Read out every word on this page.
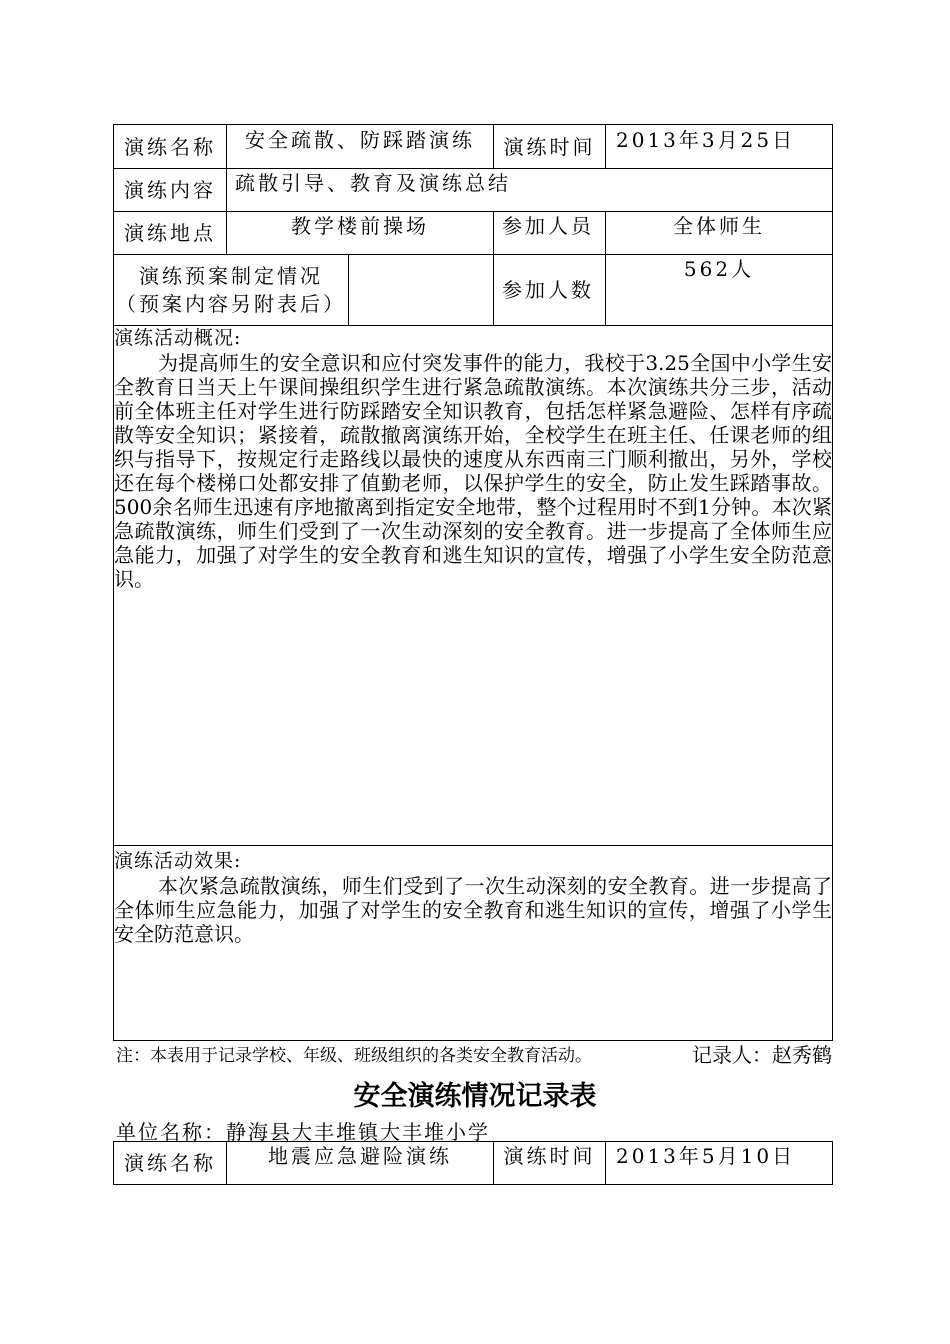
演练名称	安全疏散、防踩踏演练		演练时间	2013年3月25日
演练内容	疏散引导、教育及演练总结			
演练地点	教学楼前操场		参加人员	全体师生

演练预案制定情况
（预案内容另附表后）			参加人数	562人

演练活动概况:

为提高师生的安全意识和应付突发事件的能力，我校于3.25全国中小学生安全教育日当天上午课间操组织学生进行紧急疏散演练。本次演练共分三步，活动前全体班主任对学生进行防踩踏安全知识教育，包括怎样紧急避险、怎样有序疏散等安全知识；紧接着，疏散撤离演练开始，全校学生在班主任、任课老师的组织与指导下，按规定行走路线以最快的速度从东西南三门顺利撤出，另外，学校还在每个楼梯口处都安排了值勤老师，以保护学生的安全，防止发生踩踏事故。500余名师生迅速有序地撤离到指定安全地带，整个过程用时不到1分钟。本次紧急疏散演练，师生们受到了一次生动深刻的安全教育。进一步提高了全体师生应急能力，加强了对学生的安全教育和逃生知识的宣传，增强了小学生安全防范意识。				

演练活动效果:

本次紧急疏散演练，师生们受到了一次生动深刻的安全教育。进一步提高了全体师生应急能力，加强了对学生的安全教育和逃生知识的宣传，增强了小学生安全防范意识。				

注：本表用于记录学校、年级、班级组织的各类安全教育活动。	记录人：赵秀鹤
安全演练情况记录表
单位名称：静海县大丰堆镇大丰堆小学
演练名称	地震应急避险演练	演练时间	2013年5月10日
